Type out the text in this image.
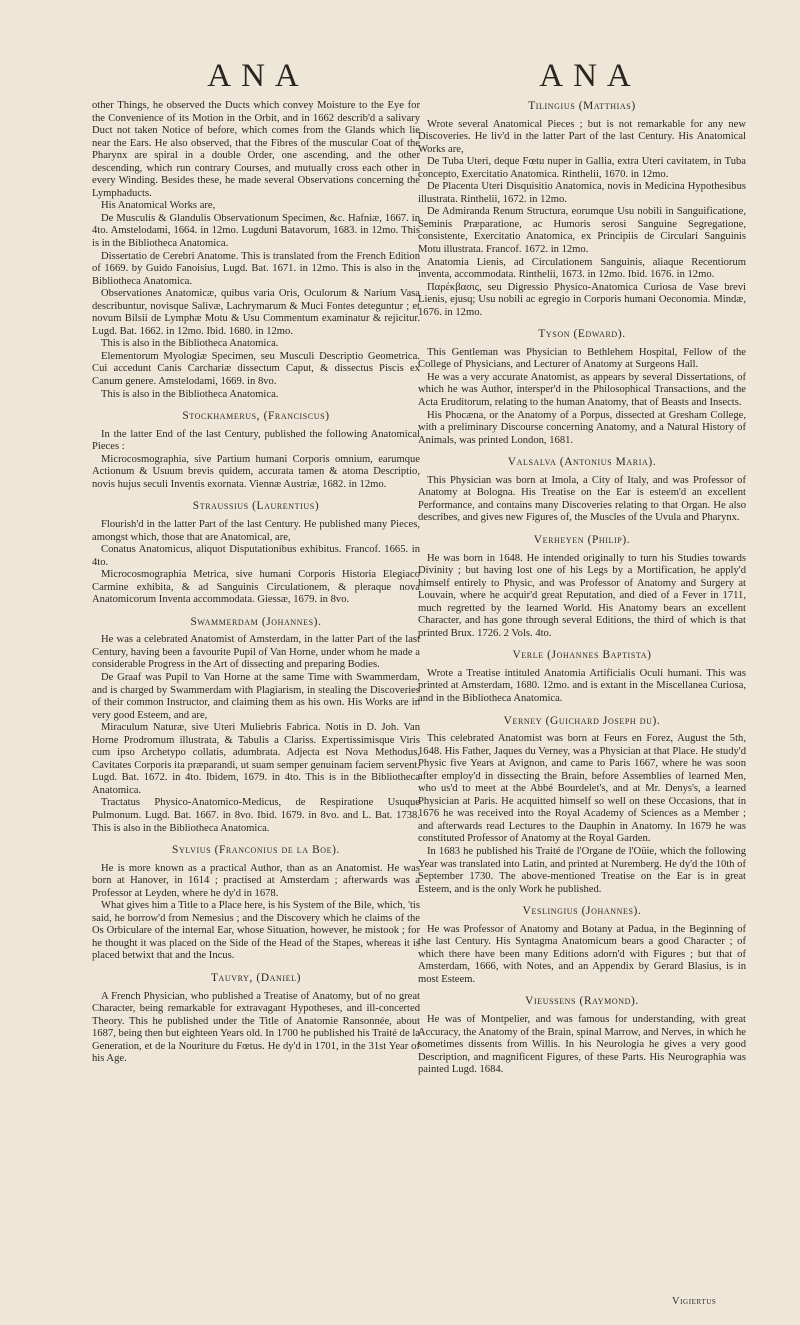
ANA	ANA

other Things, he observed the Ducts which convey Moisture to the Eye for the Convenience of its Motion in the Orbit, and in 1662 describ'd a salivary Duct not taken Notice of before, which comes from the Glands which lie near the Ears. He also observed, that the Fibres of the muscular Coat of the Pharynx are spiral in a double Order, one ascending, and the other descending, which run contrary Courses, and mutually cross each other in every Winding. Besides these, he made several Observations concerning the Lymphaducts.

His Anatomical Works are,

De Musculis & Glandulis Observationum Specimen, &c. Hafniæ, 1667. in 4to. Amstelodami, 1664. in 12mo. Lugduni Batavorum, 1683. in 12mo. This is in the Bibliotheca Anatomica.

Dissertatio de Cerebri Anatome. This is translated from the French Edition of 1669. by Guido Fanoisius, Lugd. Bat. 1671. in 12mo. This is also in the Bibliotheca Anatomica.

Observationes Anatomicæ, quibus varia Oris, Oculorum & Narium Vasa describuntur, novisque Salivæ, Lachrymarum & Muci Fontes deteguntur ; et novum Bilsii de Lymphæ Motu & Usu Commentum examinatur & rejicitur. Lugd. Bat. 1662. in 12mo. Ibid. 1680. in 12mo.

This is also in the Bibliotheca Anatomica.

Elementorum Myologiæ Specimen, seu Musculi Descriptio Geometrica. Cui accedunt Canis Carchariæ dissectum Caput, & dissectus Piscis ex Canum genere. Amstelodami, 1669. in 8vo.

This is also in the Bibliotheca Anatomica.

Stockhamerus, (Franciscus)

In the latter End of the last Century, published the following Anatomical Pieces :

Microcosmographia, sive Partium humani Corporis omnium, earumque Actionum & Usuum brevis quidem, accurata tamen & atoma Descriptio, novis hujus seculi Inventis exornata. Viennæ Austriæ, 1682. in 12mo.

Straussius (Laurentius)

Flourish'd in the latter Part of the last Century. He published many Pieces, amongst which, those that are Anatomical, are,

Conatus Anatomicus, aliquot Disputationibus exhibitus. Francof. 1665. in 4to.

Microcosmographia Metrica, sive humani Corporis Historia Elegiaco Carmine exhibita, & ad Sanguinis Circulationem, & pleraque nova Anatomicorum Inventa accommodata. Giessæ, 1679. in 8vo.

Swammerdam (Johannes).

He was a celebrated Anatomist of Amsterdam, in the latter Part of the last Century, having been a favourite Pupil of Van Horne, under whom he made a considerable Progress in the Art of dissecting and preparing Bodies.

De Graaf was Pupil to Van Horne at the same Time with Swammerdam, and is charged by Swammerdam with Plagiarism, in stealing the Discoveries of their common Instructor, and claiming them as his own. His Works are in very good Esteem, and are,

Miraculum Naturæ, sive Uteri Muliebris Fabrica. Notis in D. Joh. Van Horne Prodromum illustrata, & Tabulis a Clariss. Expertissimisque Viris cum ipso Archetypo collatis, adumbrata. Adjecta est Nova Methodus, Cavitates Corporis ita præparandi, ut suam semper genuinam faciem servent. Lugd. Bat. 1672. in 4to. Ibidem, 1679. in 4to. This is in the Bibliotheca Anatomica.

Tractatus Physico-Anatomico-Medicus, de Respiratione Usuque Pulmonum. Lugd. Bat. 1667. in 8vo. Ibid. 1679. in 8vo. and L. Bat. 1738. This is also in the Bibliotheca Anatomica.

Sylvius (Franconius de la Boe).

He is more known as a practical Author, than as an Anatomist. He was born at Hanover, in 1614 ; practised at Amsterdam ; afterwards was a Professor at Leyden, where he dy'd in 1678.

What gives him a Title to a Place here, is his System of the Bile, which, 'tis said, he borrow'd from Nemesius ; and the Discovery which he claims of the Os Orbiculare of the internal Ear, whose Situation, however, he mistook ; for he thought it was placed on the Side of the Head of the Stapes, whereas it is placed betwixt that and the Incus.

Tauvry, (Daniel)

A French Physician, who published a Treatise of Anatomy, but of no great Character, being remarkable for extravagant Hypotheses, and ill-concerted Theory. This he published under the Title of Anatomie Ransonnée, about 1687, being then but eighteen Years old. In 1700 he published his Traité de la Generation, et de la Nouriture du Fœtus. He dy'd in 1701, in the 31st Year of his Age.

Tilingius (Matthias)

Wrote several Anatomical Pieces ; but is not remarkable for any new Discoveries. He liv'd in the latter Part of the last Century. His Anatomical Works are,

De Tuba Uteri, deque Fœtu nuper in Gallia, extra Uteri cavitatem, in Tuba concepto, Exercitatio Anatomica. Rinthelii, 1670. in 12mo.

De Placenta Uteri Disquisitio Anatomica, novis in Medicina Hypothesibus illustrata. Rinthelii, 1672. in 12mo.

De Admiranda Renum Structura, eorumque Usu nobili in Sanguificatione, Seminis Præparatione, ac Humoris serosi Sanguine Segregatione, consistente, Exercitatio Anatomica, ex Principiis de Circulari Sanguinis Motu illustrata. Francof. 1672. in 12mo.

Anatomia Lienis, ad Circulationem Sanguinis, aliaque Recentiorum inventa, accommodata. Rinthelii, 1673. in 12mo. Ibid. 1676. in 12mo.

Παρέκβασις, seu Digressio Physico-Anatomica Curiosa de Vase brevi Lienis, ejusq; Usu nobili ac egregio in Corporis humani Oeconomia. Mindæ, 1676. in 12mo.

Tyson (Edward).

This Gentleman was Physician to Bethlehem Hospital, Fellow of the College of Physicians, and Lecturer of Anatomy at Surgeons Hall.

He was a very accurate Anatomist, as appears by several Dissertations, of which he was Author, intersper'd in the Philosophical Transactions, and the Acta Eruditorum, relating to the human Anatomy, that of Beasts and Insects.

His Phocæna, or the Anatomy of a Porpus, dissected at Gresham College, with a preliminary Discourse concerning Anatomy, and a Natural History of Animals, was printed London, 1681.

Valsalva (Antonius Maria).

This Physician was born at Imola, a City of Italy, and was Professor of Anatomy at Bologna. His Treatise on the Ear is esteem'd an excellent Performance, and contains many Discoveries relating to that Organ. He also describes, and gives new Figures of, the Muscles of the Uvula and Pharynx.

Verheyen (Philip).

He was born in 1648. He intended originally to turn his Studies towards Divinity ; but having lost one of his Legs by a Mortification, he apply'd himself entirely to Physic, and was Professor of Anatomy and Surgery at Louvain, where he acquir'd great Reputation, and died of a Fever in 1711, much regretted by the learned World. His Anatomy bears an excellent Character, and has gone through several Editions, the third of which is that printed Brux. 1726. 2 Vols. 4to.

Verle (Johannes Baptista)

Wrote a Treatise intituled Anatomia Artificialis Oculi humani. This was printed at Amsterdam, 1680. 12mo. and is extant in the Miscellanea Curiosa, and in the Bibliotheca Anatomica.

Verney (Guichard Joseph du).

This celebrated Anatomist was born at Feurs en Forez, August the 5th, 1648. His Father, Jaques du Verney, was a Physician at that Place. He study'd Physic five Years at Avignon, and came to Paris 1667, where he was soon after employ'd in dissecting the Brain, before Assemblies of learned Men, who us'd to meet at the Abbé Bourdelet's, and at Mr. Denys's, a learned Physician at Paris. He acquitted himself so well on these Occasions, that in 1676 he was received into the Royal Academy of Sciences as a Member ; and afterwards read Lectures to the Dauphin in Anatomy. In 1679 he was constituted Professor of Anatomy at the Royal Garden.

In 1683 he published his Traité de l'Organe de l'Oüie, which the following Year was translated into Latin, and printed at Nuremberg. He dy'd the 10th of September 1730. The above-mentioned Treatise on the Ear is in great Esteem, and is the only Work he published.

Veslingius (Johannes).

He was Professor of Anatomy and Botany at Padua, in the Beginning of the last Century. His Syntagma Anatomicum bears a good Character ; of which there have been many Editions adorn'd with Figures ; but that of Amsterdam, 1666, with Notes, and an Appendix by Gerard Blasius, is in most Esteem.

Vieussens (Raymond).

He was of Montpelier, and was famous for understanding, with great Accuracy, the Anatomy of the Brain, spinal Marrow, and Nerves, in which he sometimes dissents from Willis. In his Neurologia he gives a very good Description, and magnificent Figures, of these Parts. His Neurographia was painted Lugd. 1684.

Vigiertus
